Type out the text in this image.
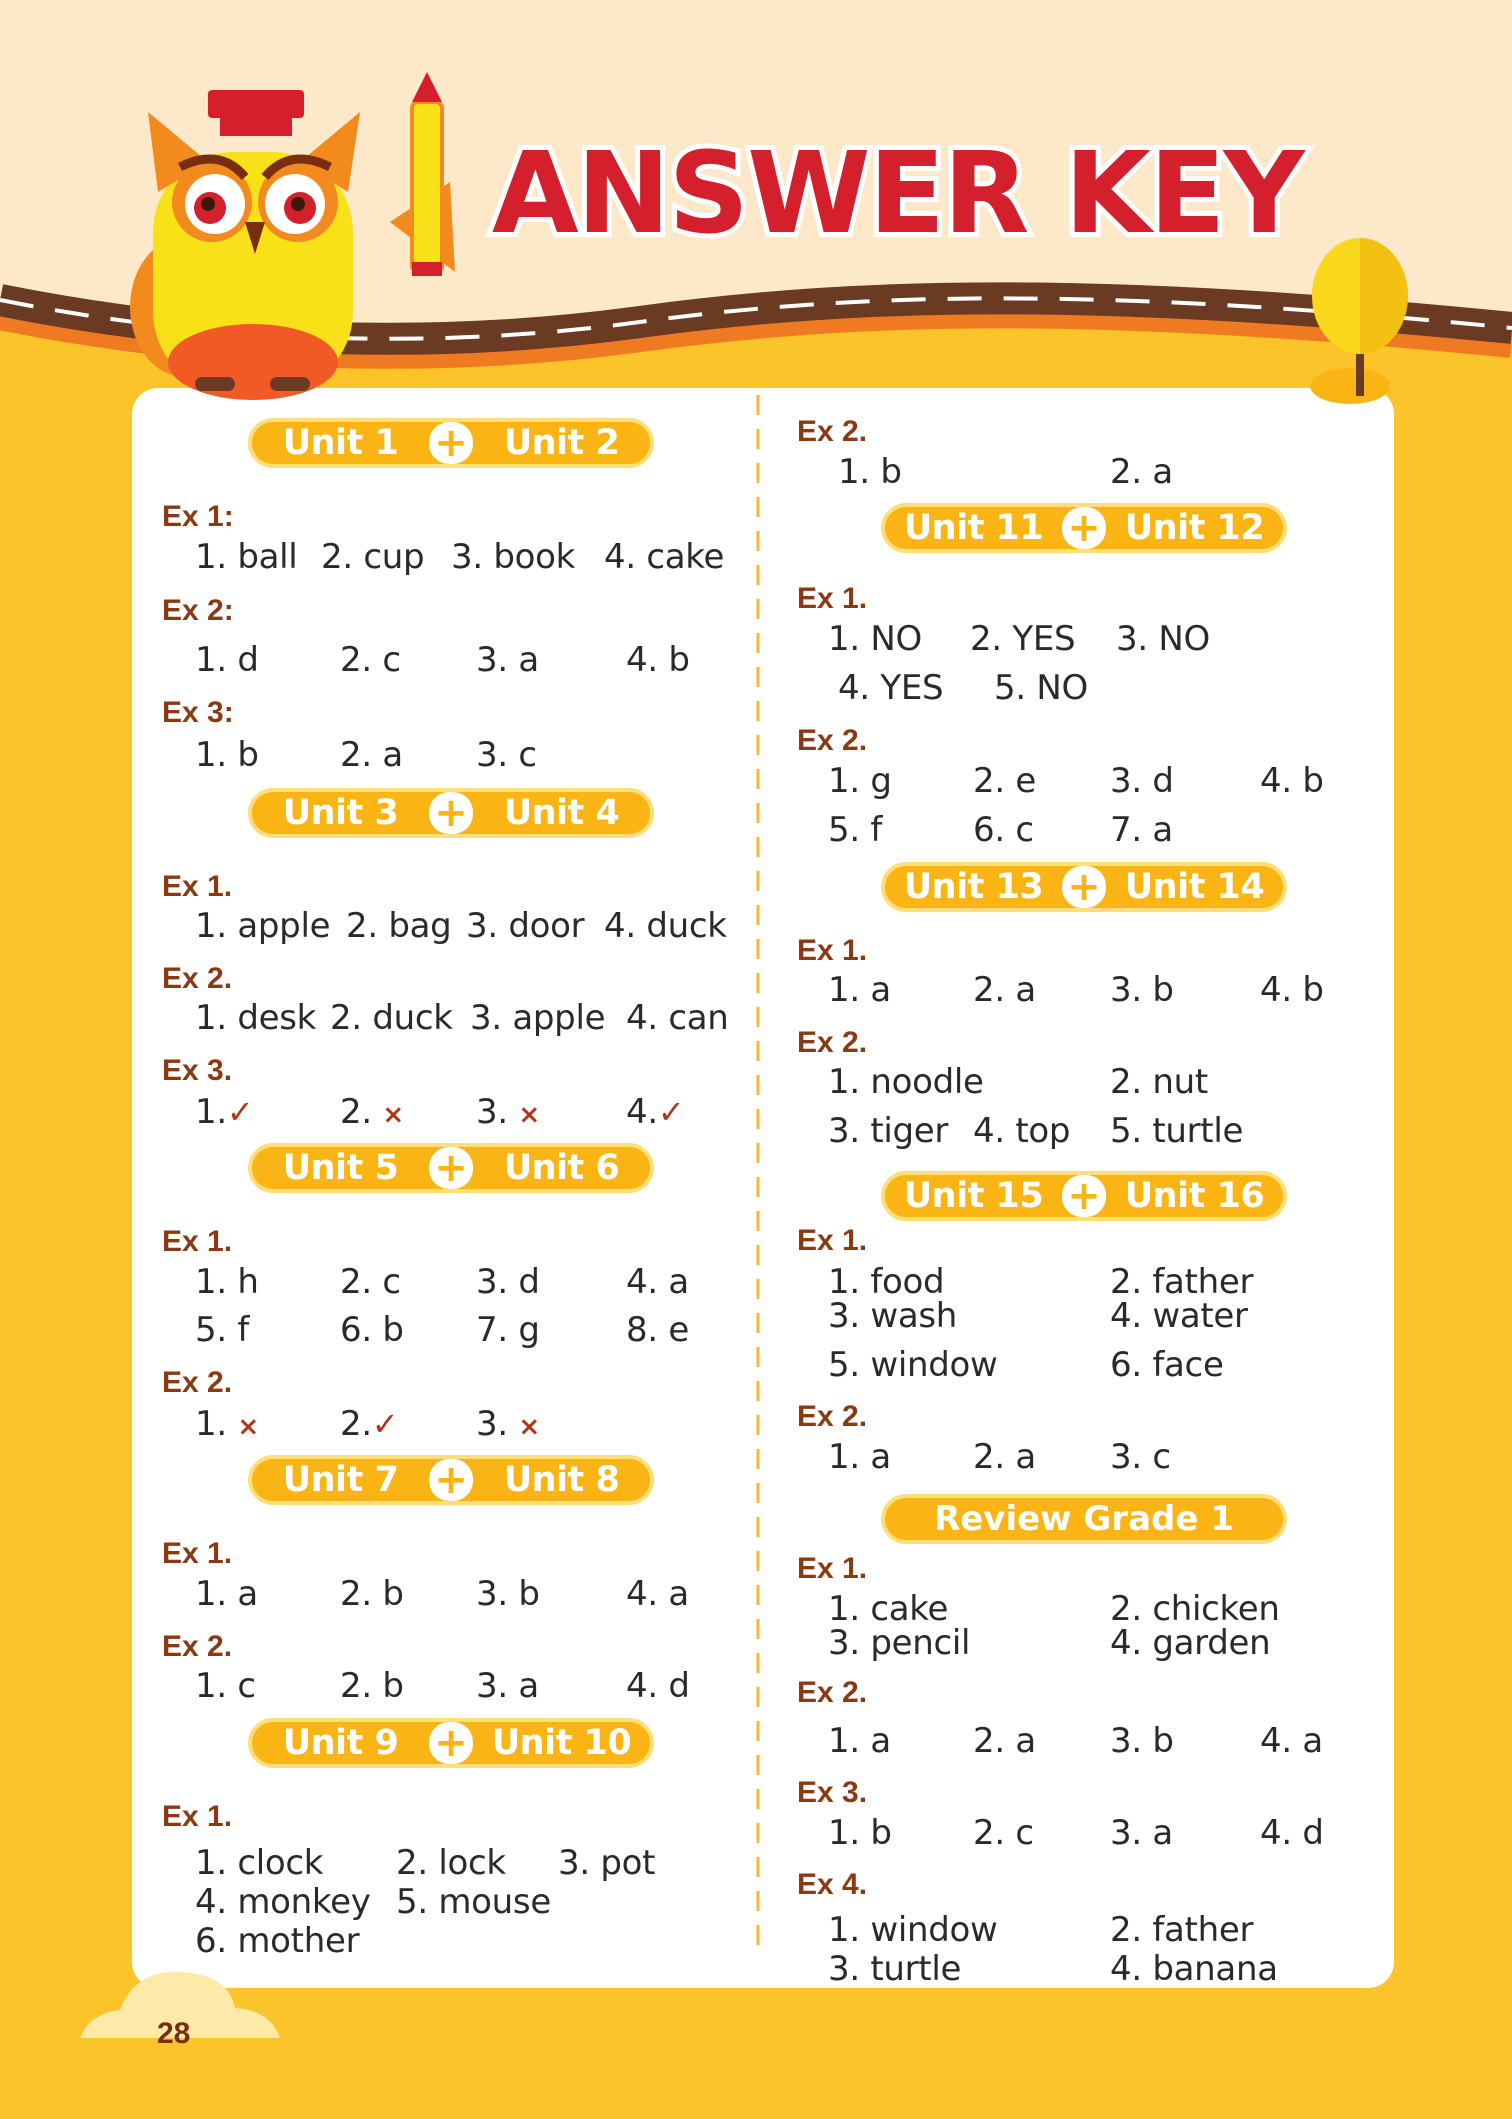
ANSWER KEY
Unit 1 +	Unit 2
Ex 1:
1. ball 2. cup 3. book 4. cake
Ex 2:
1. d 2. c 3. a	4. b
Ex 3:
1. b 2. a 3. c
Unit 3 +	Unit 4
Ex 1.
1. apple 2. bag 3. door 4. duck
Ex 2.
1. desk 2. duck 3. apple 4. can
Ex 3.
1.✓	2. × 3. ×	4.✓
Unit 5 +	Unit 6
Ex 1.
1. h 2. c 3. d	4. a
5. f	6. b 7. g	8. e
Ex 2.
1. × 2.✓ 3. ×
Unit 7 +	Unit 8
Ex 1.
1. a 2. b 3. b	4. a
Ex 2.
1. c 2. b 3. a	4. d
Unit 9 + Unit 10
Ex 1.
1. clock 2. lock 3. pot
4. monkey 5. mouse
6. mother
Ex 2.
1. b	2. a
Unit 11 + Unit 12
Ex 1.
1. NO 2. YES 3. NO
4. YES 5. NO
Ex 2.
1. g 2. e 3. d	4. b
5. f	6. c 7. a
Unit 13 + Unit 14
Ex 1.
1. a 2. a 3. b	4. b
Ex 2.
1. noodle	2. nut
3. tiger 4. top 5. turtle
Unit 15 + Unit 16
Ex 1.
1. food	2. father
3. wash	4. water
5. window	6. face
Ex 2.
1. a 2. a 3. c
Review Grade 1
Ex 1.
1. cake	2. chicken
3. pencil	4. garden
Ex 2.
1. a 2. a 3. b	4. a
Ex 3.
1. b 2. c 3. a	4. d
Ex 4.
1. window	2. father
3. turtle	4. banana
28
